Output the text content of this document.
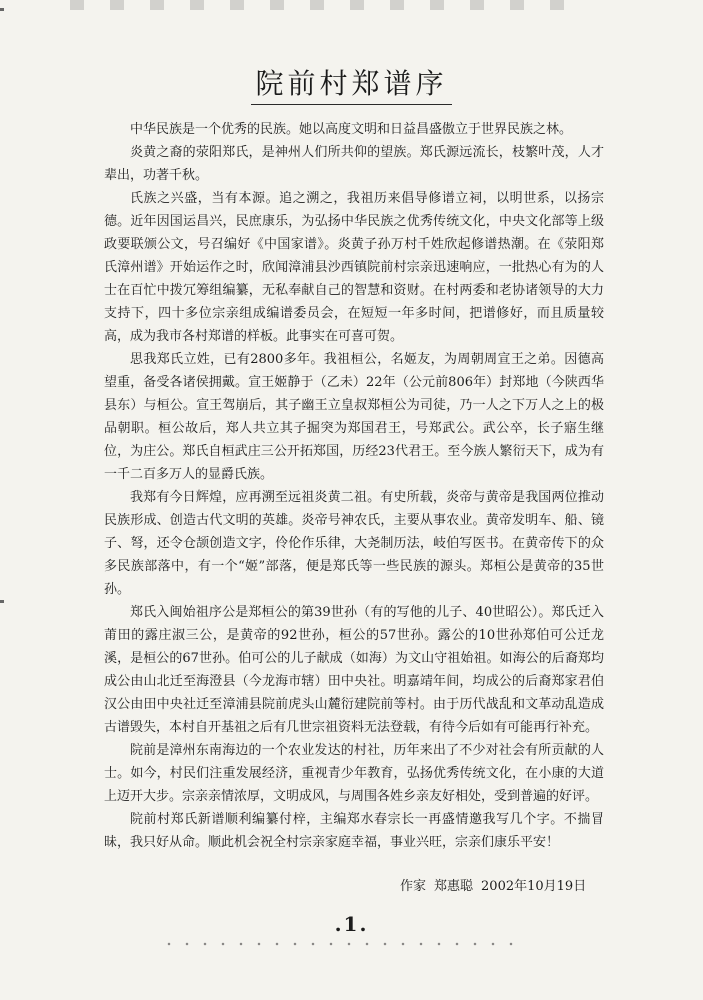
院前村郑谱序

中华民族是一个优秀的民族。她以高度文明和日益昌盛傲立于世界民族之林。

炎黄之裔的荥阳郑氏，是神州人们所共仰的望族。郑氏源远流长，枝繁叶茂，人才辈出，功著千秋。

氏族之兴盛，当有本源。追之溯之，我祖历来倡导修谱立祠，以明世系，以扬宗德。近年因国运昌兴，民庶康乐，为弘扬中华民族之优秀传统文化，中央文化部等上级政要联颁公文，号召编好《中国家谱》。炎黄子孙万村千姓欣起修谱热潮。在《荥阳郑氏漳州谱》开始运作之时，欣闻漳浦县沙西镇院前村宗亲迅速响应，一批热心有为的人士在百忙中拨冗筹组编纂，无私奉献自己的智慧和资财。在村两委和老协诸领导的大力支持下，四十多位宗亲组成编谱委员会，在短短一年多时间，把谱修好，而且质量较高，成为我市各村郑谱的样板。此事实在可喜可贺。

思我郑氏立姓，已有2800多年。我祖桓公，名姬友，为周朝周宣王之弟。因德高望重，备受各诸侯拥戴。宣王姬静于（乙未）22年（公元前806年）封郑地（今陕西华县东）与桓公。宣王驾崩后，其子幽王立皇叔郑桓公为司徒，乃一人之下万人之上的极品朝职。桓公故后，郑人共立其子掘突为郑国君王，号郑武公。武公卒，长子寤生继位，为庄公。郑氏自桓武庄三公开拓郑国，历经23代君王。至今族人繁衍天下，成为有一千二百多万人的显爵氏族。

我郑有今日辉煌，应再溯至远祖炎黄二祖。有史所载，炎帝与黄帝是我国两位推动民族形成、创造古代文明的英雄。炎帝号神农氏，主要从事农业。黄帝发明车、船、镜子、弩，还令仓颉创造文字，伶伦作乐律，大尧制历法，岐伯写医书。在黄帝传下的众多民族部落中，有一个“姬”部落，便是郑氏等一些民族的源头。郑桓公是黄帝的35世孙。

郑氏入闽始祖序公是郑桓公的第39世孙（有的写他的儿子、40世昭公）。郑氏迁入莆田的露庄淑三公，是黄帝的92世孙，桓公的57世孙。露公的10世孙郑伯可公迁龙溪，是桓公的67世孙。伯可公的儿子献成（如海）为文山守祖始祖。如海公的后裔郑均成公由山北迁至海澄县（今龙海市辖）田中央社。明嘉靖年间，均成公的后裔郑家君伯汉公由田中央社迁至漳浦县院前虎头山麓衍建院前等村。由于历代战乱和文革动乱造成古谱毁失，本村自开基祖之后有几世宗祖资料无法登载，有待今后如有可能再行补充。

院前是漳州东南海边的一个农业发达的村社，历年来出了不少对社会有所贡献的人士。如今，村民们注重发展经济，重视青少年教育，弘扬优秀传统文化，在小康的大道上迈开大步。宗亲亲情浓厚，文明成风，与周围各姓乡亲友好相处，受到普遍的好评。

院前村郑氏新谱顺利编纂付梓，主编郑水春宗长一再盛情邀我写几个字。不揣冒昧，我只好从命。顺此机会祝全村宗亲家庭幸福，事业兴旺，宗亲们康乐平安！

作家 郑惠聪 2002年10月19日
.1.
